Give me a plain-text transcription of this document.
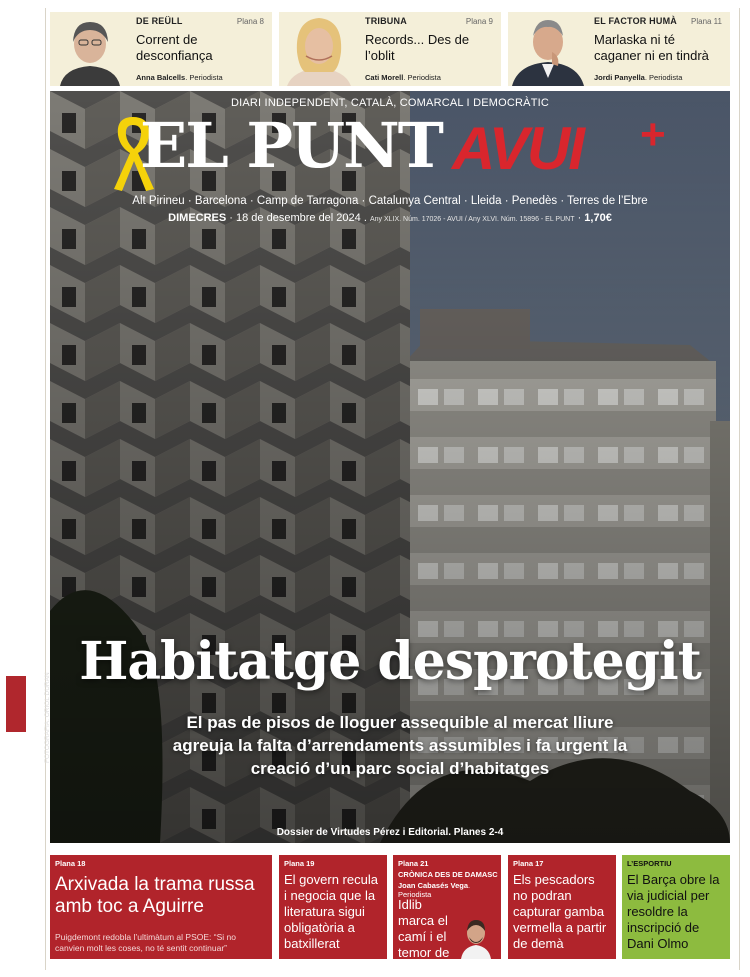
DE REÜLL	Plana 8
Corrent de desconfiança
Anna Balcells. Periodista
TRIBUNA	Plana 9
Records... Des de l’oblit
Cati Morell. Periodista
EL FACTOR HUMÀ Plana 11
Marlaska ni té caganer ni en tindrà
Jordi Panyella. Periodista
DIARI INDEPENDENT, CATALÀ, COMARCAL I DEMOCRÀTIC
EL PUNT AVUI +
Alt Pirineu · Barcelona · Camp de Tarragona · Catalunya Central · Lleida · Penedès · Terres de l’Ebre
DIMECRES · 18 de desembre del 2024 . Any XLIX. Núm. 17026 - AVUI / Any XLVI. Núm. 15896 - EL PUNT · 1,70€
Habitatge desprotegit
El pas de pisos de lloguer assequible al mercat lliure agreuja la falta d’arrendaments assumibles i fa urgent la creació d’un parc social d’habitatges
Dossier de Virtudes Pérez i Editorial. Planes 2-4
FOTOGRAFIA: ORIOL DURAN
Plana 18
Arxivada la trama russa amb toc a Aguirre
Puigdemont redobla l’ultimàtum al PSOE: “Si no canvien molt les coses, no té sentit continuar”
Plana 19
El govern recula i negocia que la literatura sigui obligatòria a batxillerat
Plana 21
CRÒNICA DES DE DAMASC
Joan Cabasés Vega. Periodista
Idlib marca el camí i el temor de Síria
Plana 17
Els pescadors no podran capturar gamba vermella a partir de demà
L’ESPORTIU
El Barça obre la via judicial per resoldre la inscripció de Dani Olmo
